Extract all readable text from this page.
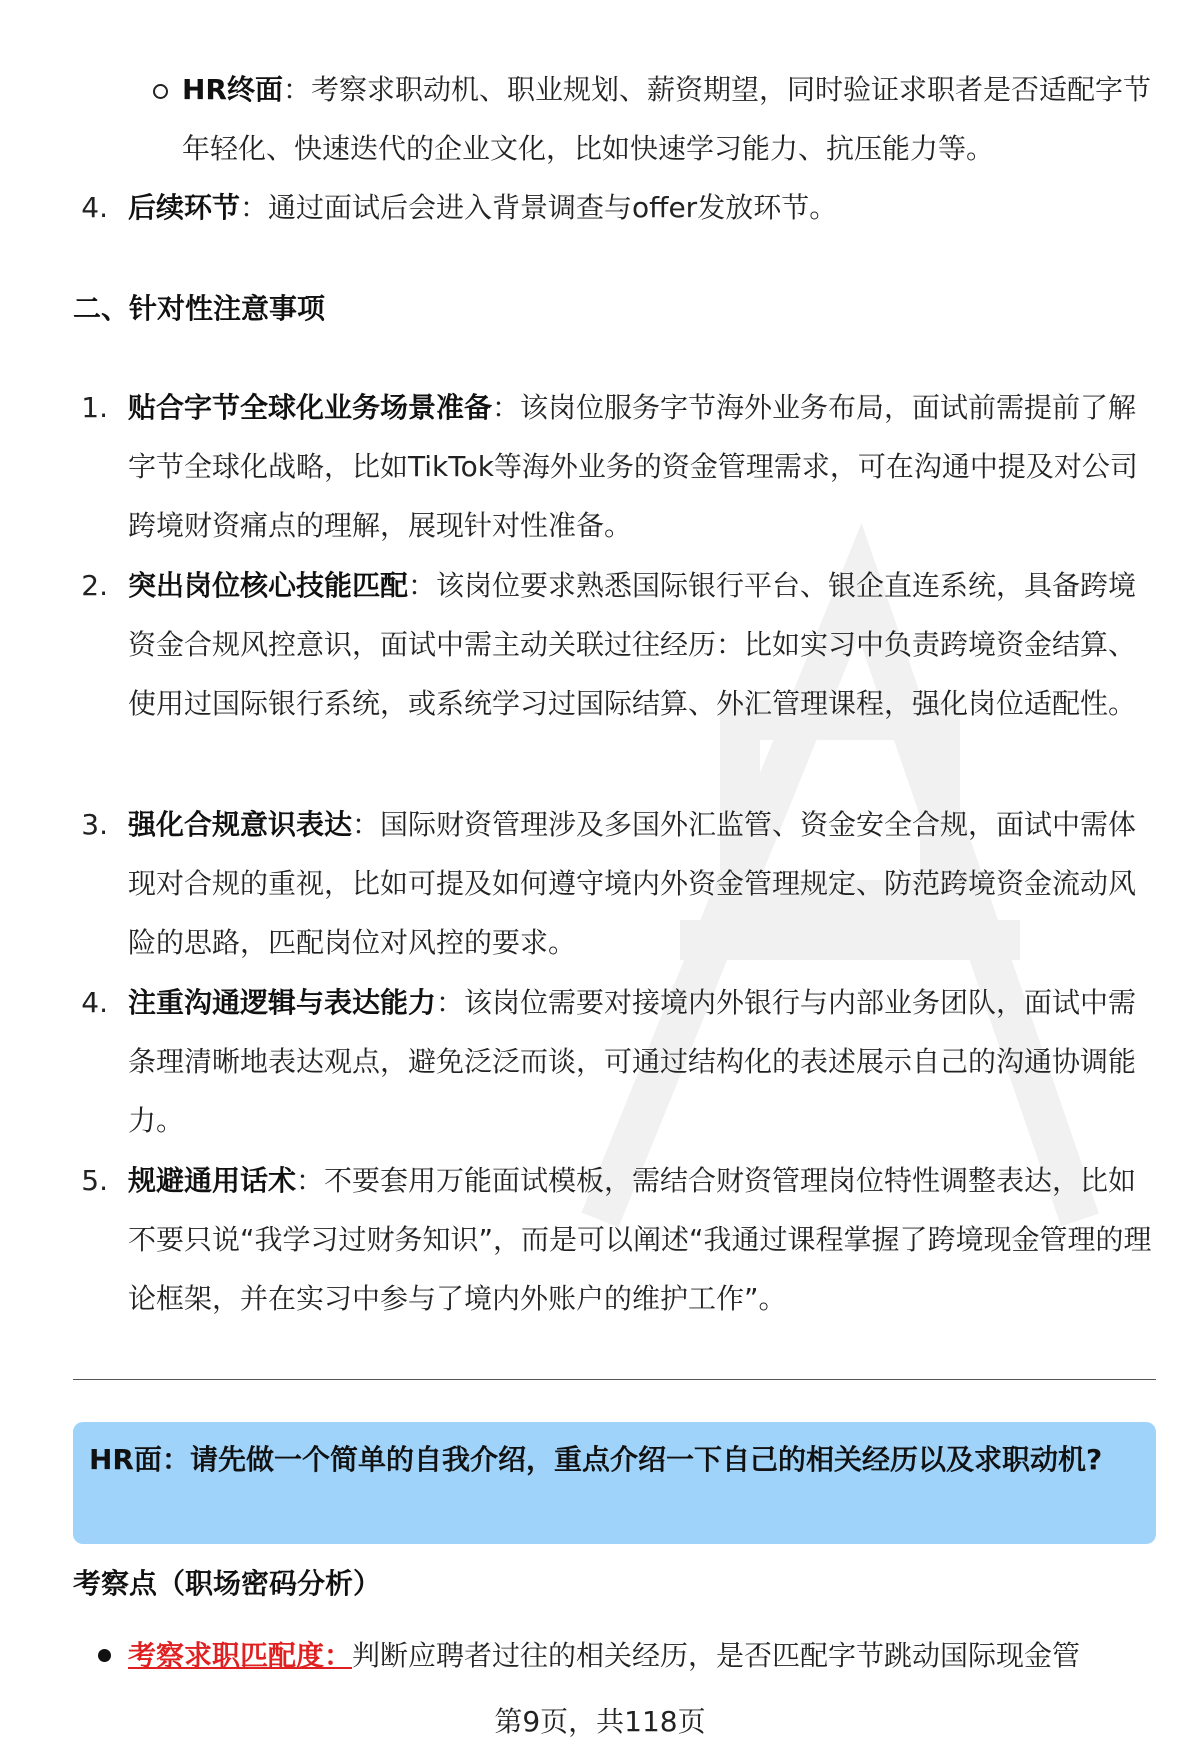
HR终面：考察求职动机、职业规划、薪资期望，同时验证求职者是否适配字节年轻化、快速迭代的企业文化，比如快速学习能力、抗压能力等。

4. 后续环节：通过面试后会进入背景调查与offer发放环节。

二、针对性注意事项
1. 贴合字节全球化业务场景准备：该岗位服务字节海外业务布局，面试前需提前了解字节全球化战略，比如TikTok等海外业务的资金管理需求，可在沟通中提及对公司跨境财资痛点的理解，展现针对性准备。

2. 突出岗位核心技能匹配：该岗位要求熟悉国际银行平台、银企直连系统，具备跨境资金合规风控意识，面试中需主动关联过往经历：比如实习中负责跨境资金结算、使用过国际银行系统，或系统学习过国际结算、外汇管理课程，强化岗位适配性。

3. 强化合规意识表达：国际财资管理涉及多国外汇监管、资金安全合规，面试中需体现对合规的重视，比如可提及如何遵守境内外资金管理规定、防范跨境资金流动风险的思路，匹配岗位对风控的要求。

4. 注重沟通逻辑与表达能力：该岗位需要对接境内外银行与内部业务团队，面试中需条理清晰地表达观点，避免泛泛而谈，可通过结构化的表述展示自己的沟通协调能力。

5. 规避通用话术：不要套用万能面试模板，需结合财资管理岗位特性调整表达，比如不要只说“我学习过财务知识”，而是可以阐述“我通过课程掌握了跨境现金管理的理论框架，并在实习中参与了境内外账户的维护工作”。

HR面：请先做一个简单的自我介绍，重点介绍一下自己的相关经历以及求职动机?
考察点（职场密码分析）

考察求职匹配度：判断应聘者过往的相关经历，是否匹配字节跳动国际现金管

第9页，共118页
